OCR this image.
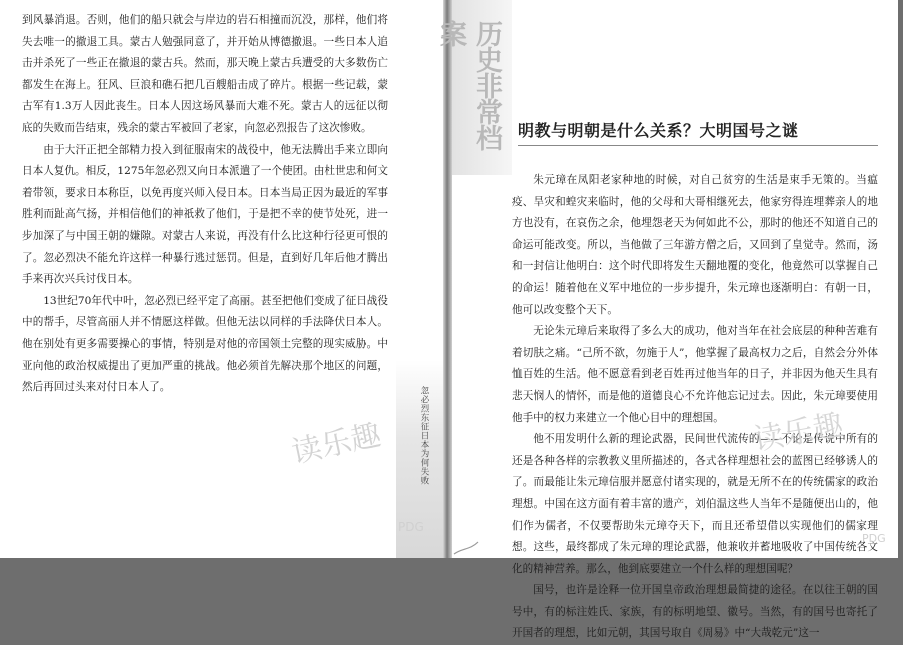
到风暴消退。否则，他们的船只就会与岸边的岩石相撞而沉没，那样，他们将失去唯一的撤退工具。蒙古人勉强同意了，并开始从博德撤退。一些日本人追击并杀死了一些正在撤退的蒙古兵。然而，那天晚上蒙古兵遭受的大多数伤亡都发生在海上。狂风、巨浪和礁石把几百艘船击成了碎片。根据一些记载，蒙古军有1.3万人因此丧生。日本人因这场风暴而大难不死。蒙古人的远征以彻底的失败而告结束，残余的蒙古军被回了老家，向忽必烈报告了这次惨败。

由于大汗正把全部精力投入到征服南宋的战役中，他无法腾出手来立即向日本人复仇。相反，1275年忽必烈又向日本派遣了一个使团。由杜世忠和何文着带领，要求日本称臣，以免再度兴师入侵日本。日本当局正因为最近的军事胜利而趾高气扬，并相信他们的神祇救了他们，于是把不幸的使节处死，进一步加深了与中国王朝的嫌隙。对蒙古人来说，再没有什么比这种行径更可恨的了。忽必烈决不能允许这样一种暴行逃过惩罚。但是，直到好几年后他才腾出手来再次兴兵讨伐日本。

13世纪70年代中叶，忽必烈已经平定了高丽。甚至把他们变成了征日战役中的帮手，尽管高丽人并不情愿这样做。但他无法以同样的手法降伏日本人。他在别处有更多需要操心的事情，特别是对他的帝国领土完整的现实威胁。中亚向他的政治权威提出了更加严重的挑战。他必须首先解决那个地区的问题，然后再回过头来对付日本人了。	忽必烈东征日本为何失败
读乐趣
PDG
历史非常档案
明教与明朝是什么关系？大明国号之谜

朱元璋在凤阳老家种地的时候，对自己贫穷的生活是束手无策的。当瘟疫、旱灾和蝗灾来临时，他的父母和大哥相继死去，他家穷得连埋葬亲人的地方也没有，在哀伤之余，他埋怨老天为何如此不公，那时的他还不知道自己的命运可能改变。所以，当他做了三年游方僧之后，又回到了皇觉寺。然而，汤和一封信让他明白：这个时代即将发生天翻地覆的变化，他竟然可以掌握自己的命运！随着他在义军中地位的一步步提升，朱元璋也逐渐明白：有朝一日，他可以改变整个天下。

无论朱元璋后来取得了多么大的成功，他对当年在社会底层的种种苦难有着切肤之痛。“己所不欲，勿施于人”，他掌握了最高权力之后，自然会分外体恤百姓的生活。他不愿意看到老百姓再过他当年的日子，并非因为他天生具有悲天悯人的情怀，而是他的道德良心不允许他忘记过去。因此，朱元璋要使用他手中的权力来建立一个他心目中的理想国。

他不用发明什么新的理论武器，民间世代流传的——不论是传说中所有的还是各种各样的宗教教义里所描述的，各式各样理想社会的蓝图已经够诱人的了。而最能让朱元璋信服并愿意付诸实现的，就是无所不在的传统儒家的政治理想。中国在这方面有着丰富的遗产，刘伯温这些人当年不是随便出山的，他们作为儒者，不仅要帮助朱元璋夺天下，而且还希望借以实现他们的儒家理想。这些，最终都成了朱元璋的理论武器，他兼收并蓄地吸收了中国传统各文化的精神营养。那么，他到底要建立一个什么样的理想国呢？

国号，也许是诠释一位开国皇帝政治理想最简捷的途径。在以往王朝的国号中，有的标注姓氏、家族，有的标明地望、徽号。当然，有的国号也寄托了开国者的理想，比如元朝，其国号取自《周易》中“大哉乾元”这一

读乐趣
PDG
